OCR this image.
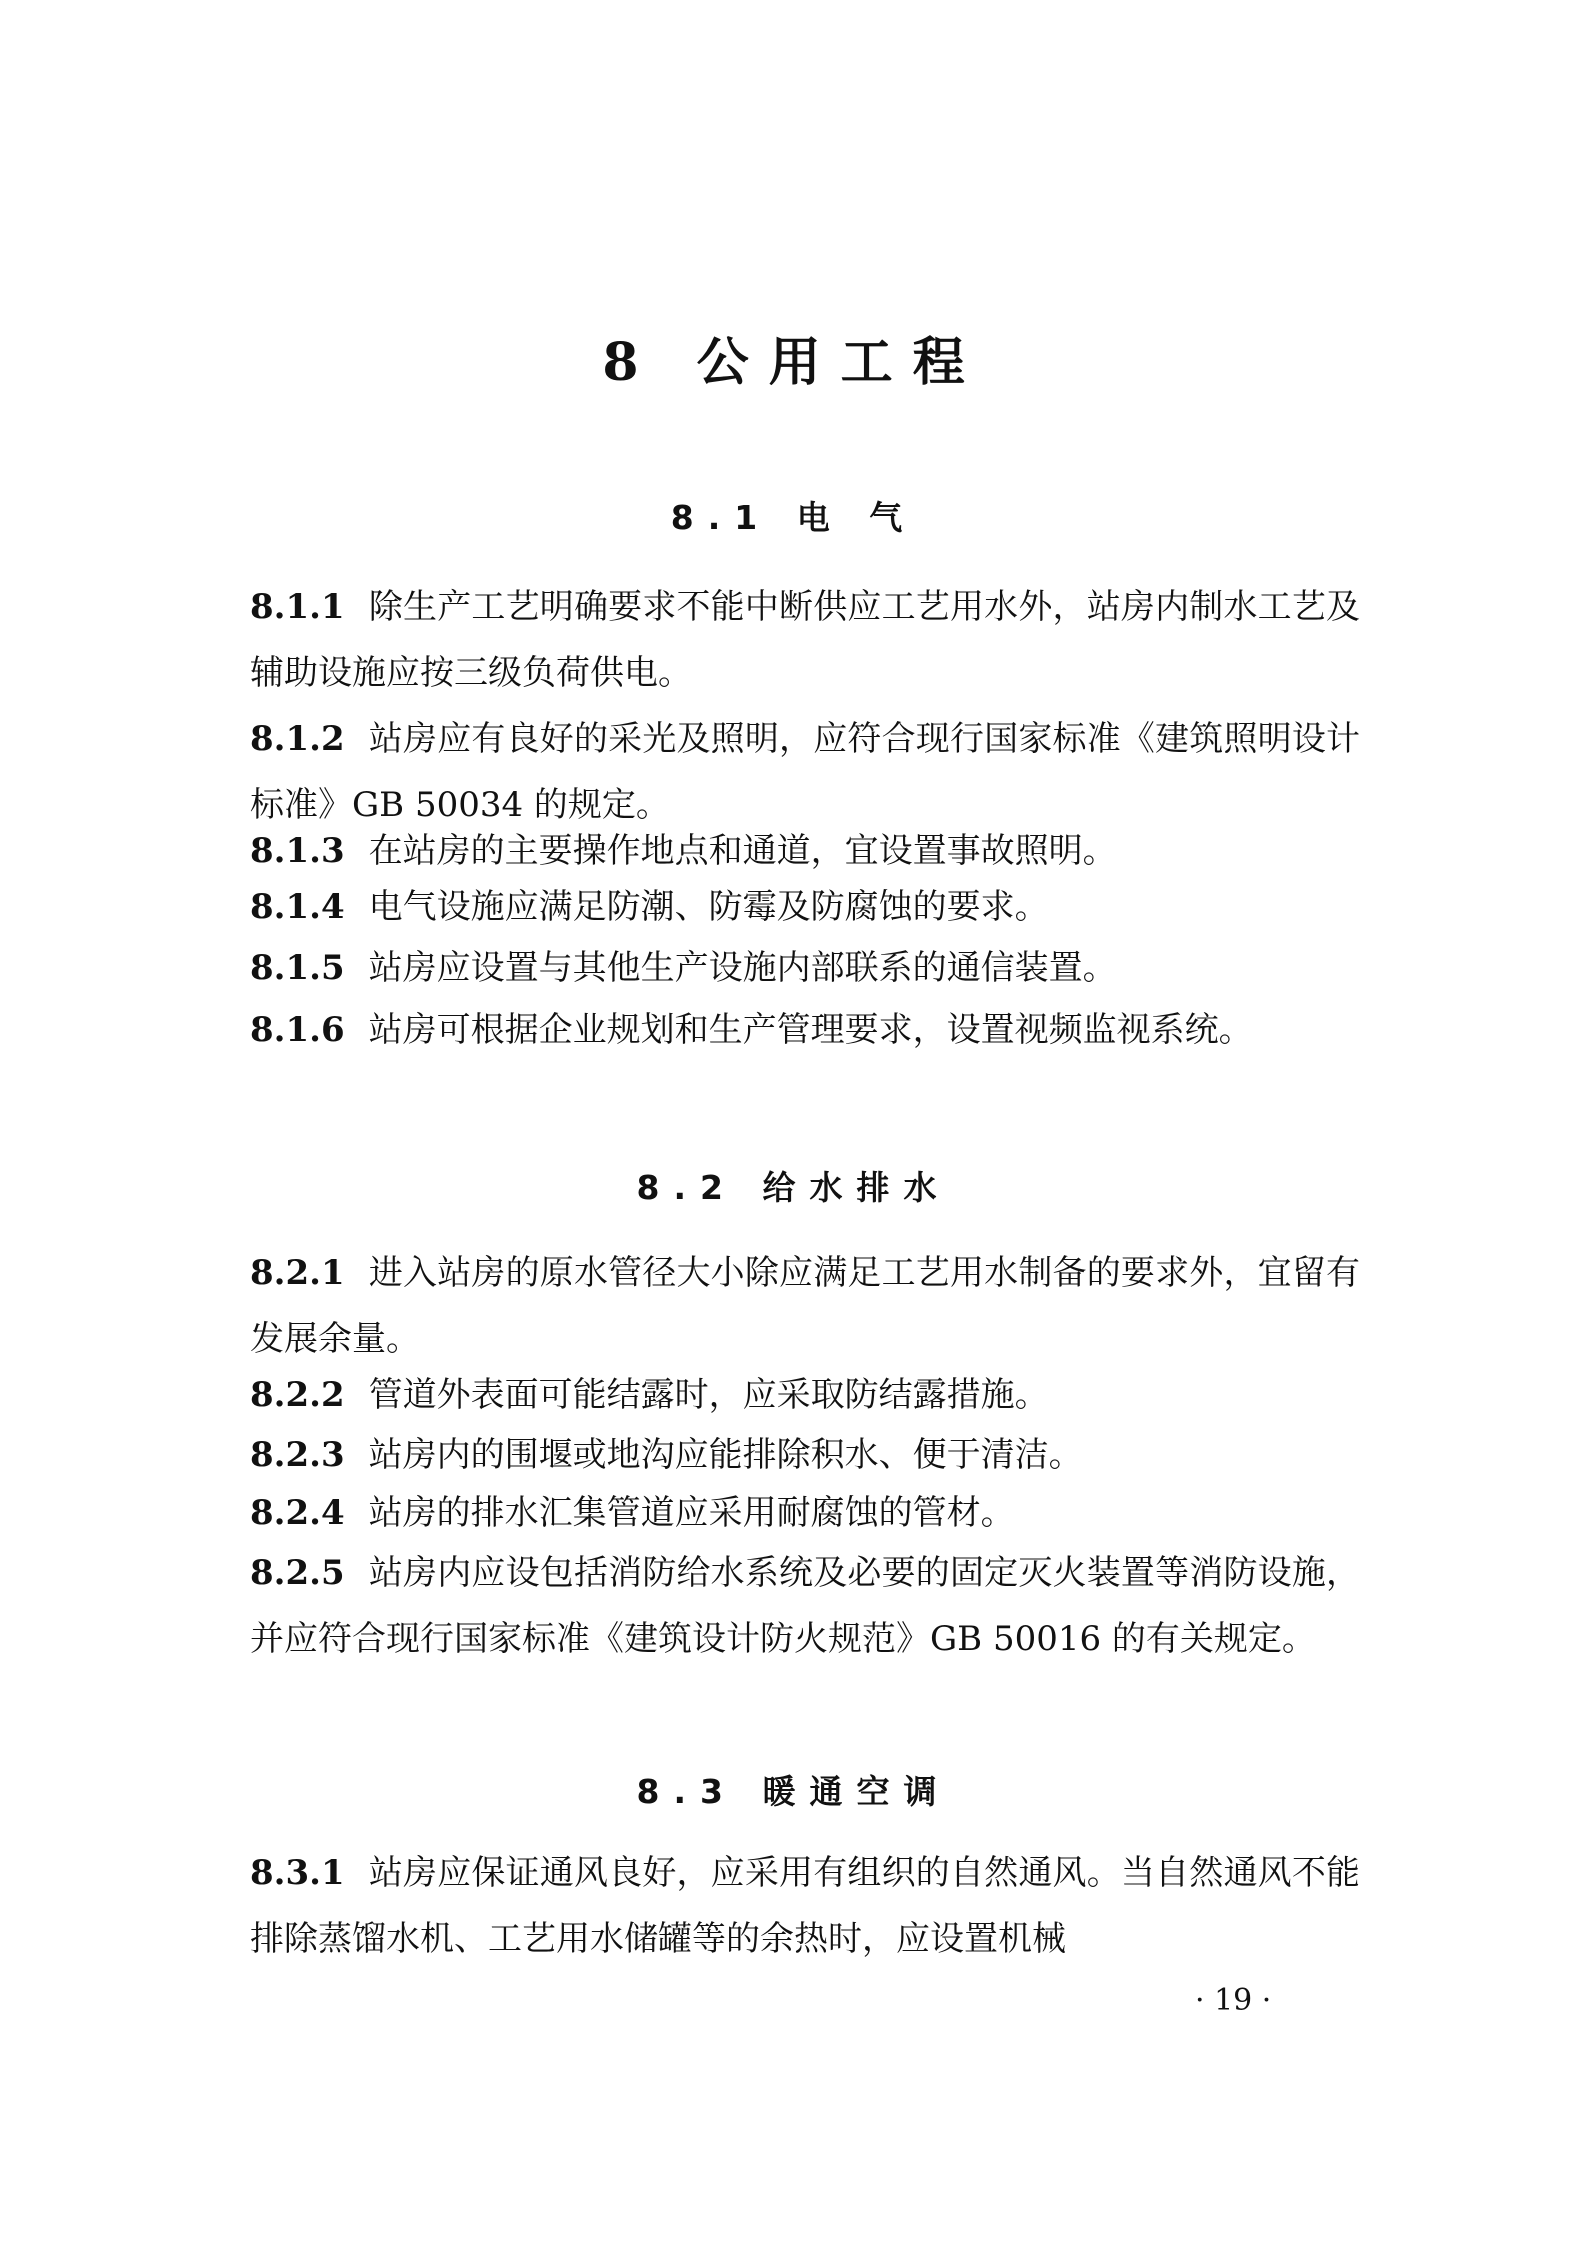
8 公用工程
8.1 电 气
8.1.1 除生产工艺明确要求不能中断供应工艺用水外，站房内制水工艺及辅助设施应按三级负荷供电。
8.1.2 站房应有良好的采光及照明，应符合现行国家标准《建筑照明设计标准》GB 50034 的规定。
8.1.3 在站房的主要操作地点和通道，宜设置事故照明。
8.1.4 电气设施应满足防潮、防霉及防腐蚀的要求。
8.1.5 站房应设置与其他生产设施内部联系的通信装置。
8.1.6 站房可根据企业规划和生产管理要求，设置视频监视系统。
8.2 给水排水
8.2.1 进入站房的原水管径大小除应满足工艺用水制备的要求外，宜留有发展余量。
8.2.2 管道外表面可能结露时，应采取防结露措施。
8.2.3 站房内的围堰或地沟应能排除积水、便于清洁。
8.2.4 站房的排水汇集管道应采用耐腐蚀的管材。
8.2.5 站房内应设包括消防给水系统及必要的固定灭火装置等消防设施，并应符合现行国家标准《建筑设计防火规范》GB 50016 的有关规定。
8.3 暖通空调
8.3.1 站房应保证通风良好，应采用有组织的自然通风。当自然通风不能排除蒸馏水机、工艺用水储罐等的余热时，应设置机械
· 19 ·
